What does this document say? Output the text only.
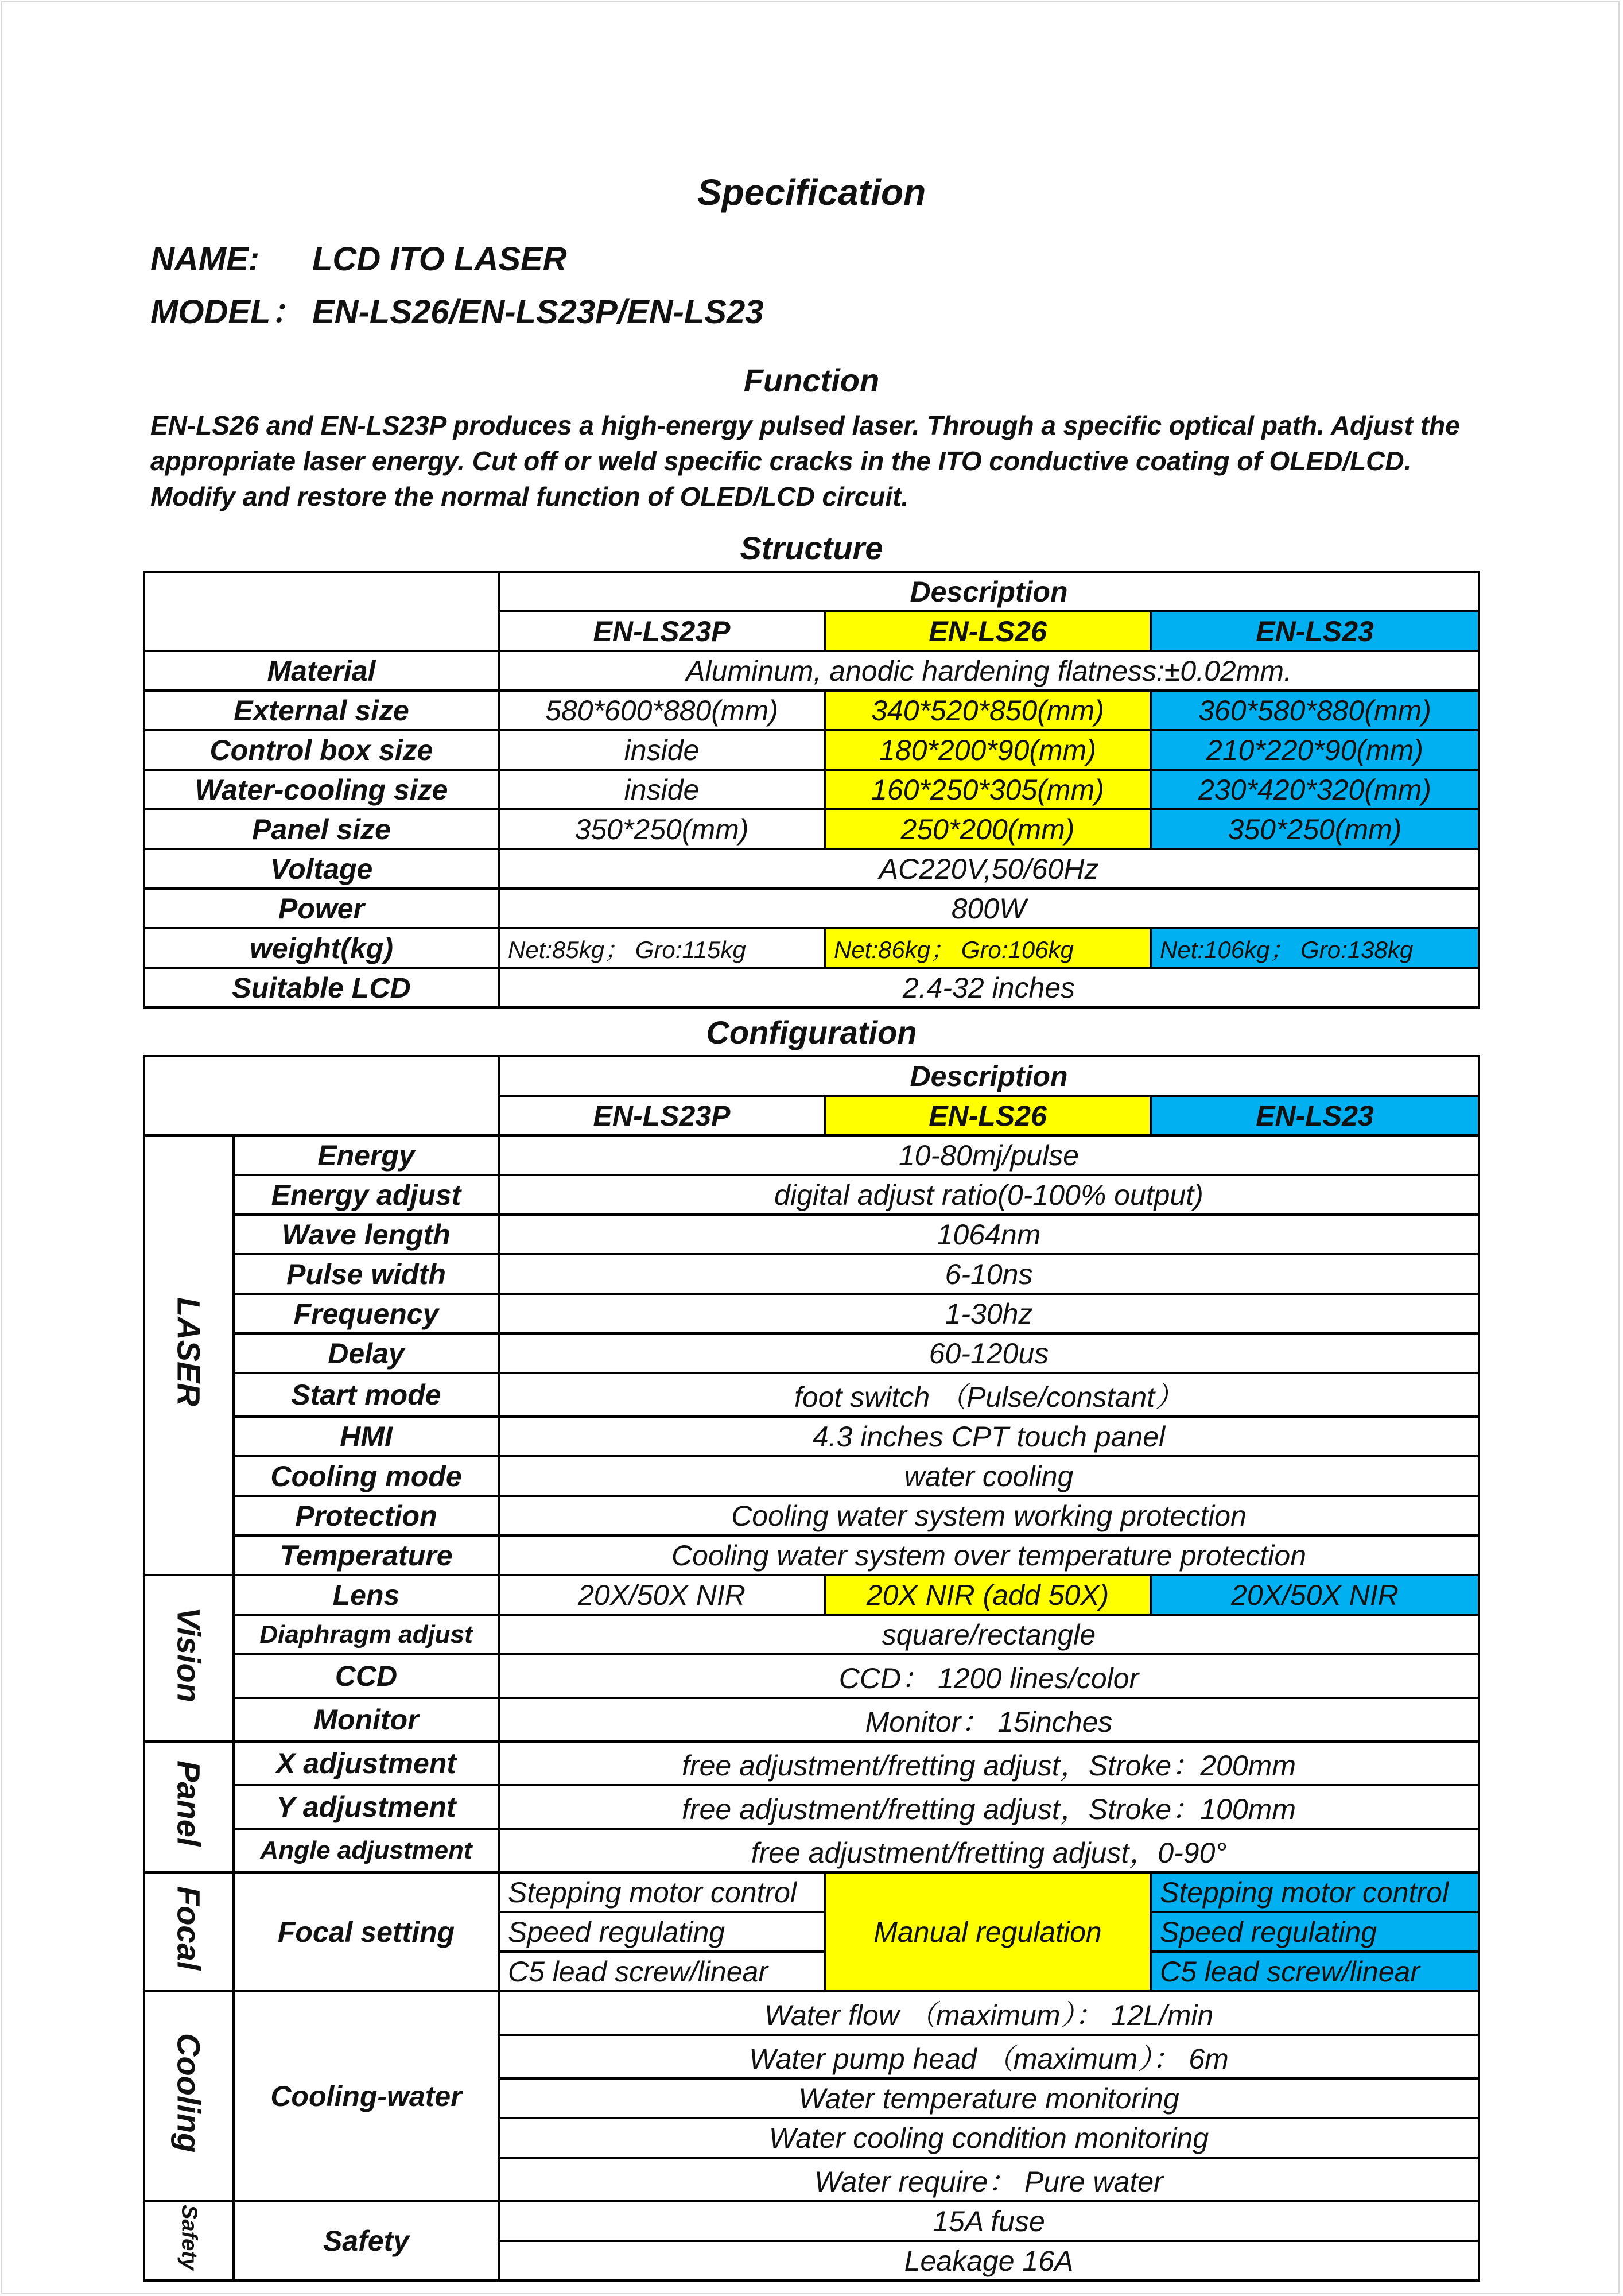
Specification
NAME: LCD ITO LASER
MODEL： EN-LS26/EN-LS23P/EN-LS23
Function
EN-LS26 and EN-LS23P produces a high-energy pulsed laser. Through a specific optical path. Adjust the appropriate laser energy. Cut off or weld specific cracks in the ITO conductive coating of OLED/LCD. Modify and restore the normal function of OLED/LCD circuit.
Structure
	Description		
	EN-LS23P	EN-LS26	EN-LS23
Material	Aluminum, anodic hardening flatness:±0.02mm.		
External size	580*600*880(mm)	340*520*850(mm)	360*580*880(mm)
Control box size	inside	180*200*90(mm)	210*220*90(mm)
Water-cooling size	inside	160*250*305(mm)	230*420*320(mm)
Panel size	350*250(mm)	250*200(mm)	350*250(mm)
Voltage	AC220V,50/60Hz		
Power	800W		
weight(kg)	Net:85kg； Gro:115kg	Net:86kg； Gro:106kg	Net:106kg； Gro:138kg
Suitable LCD	2.4-32 inches		
Configuration
		Description		
		EN-LS23P	EN-LS26	EN-LS23
LASER	Energy	10-80mj/pulse		
	Energy adjust	digital adjust ratio(0-100% output)		
	Wave length	1064nm		
	Pulse width	6-10ns		
	Frequency	1-30hz		
	Delay	60-120us		
	Start mode	foot switch （Pulse/constant）		
	HMI	4.3 inches CPT touch panel		
	Cooling mode	water cooling		
	Protection	Cooling water system working protection		
	Temperature	Cooling water system over temperature protection		
Vision	Lens	20X/50X NIR	20X NIR (add 50X)	20X/50X NIR
	Diaphragm adjust	square/rectangle		
	CCD	CCD： 1200 lines/color		
	Monitor	Monitor： 15inches		
Panel	X adjustment	free adjustment/fretting adjust，Stroke：200mm		
	Y adjustment	free adjustment/fretting adjust，Stroke：100mm		
	Angle adjustment	free adjustment/fretting adjust，0-90°		
Focal	Focal setting	Stepping motor control	Manual regulation	Stepping motor control
		Speed regulating		Speed regulating
		C5 lead screw/linear		C5 lead screw/linear
Cooling	Cooling-water	Water flow （maximum）： 12L/min		
		Water pump head （maximum）： 6m		
		Water temperature monitoring		
		Water cooling condition monitoring		
		Water require： Pure water		
Safety	Safety	15A fuse		
		Leakage 16A		
